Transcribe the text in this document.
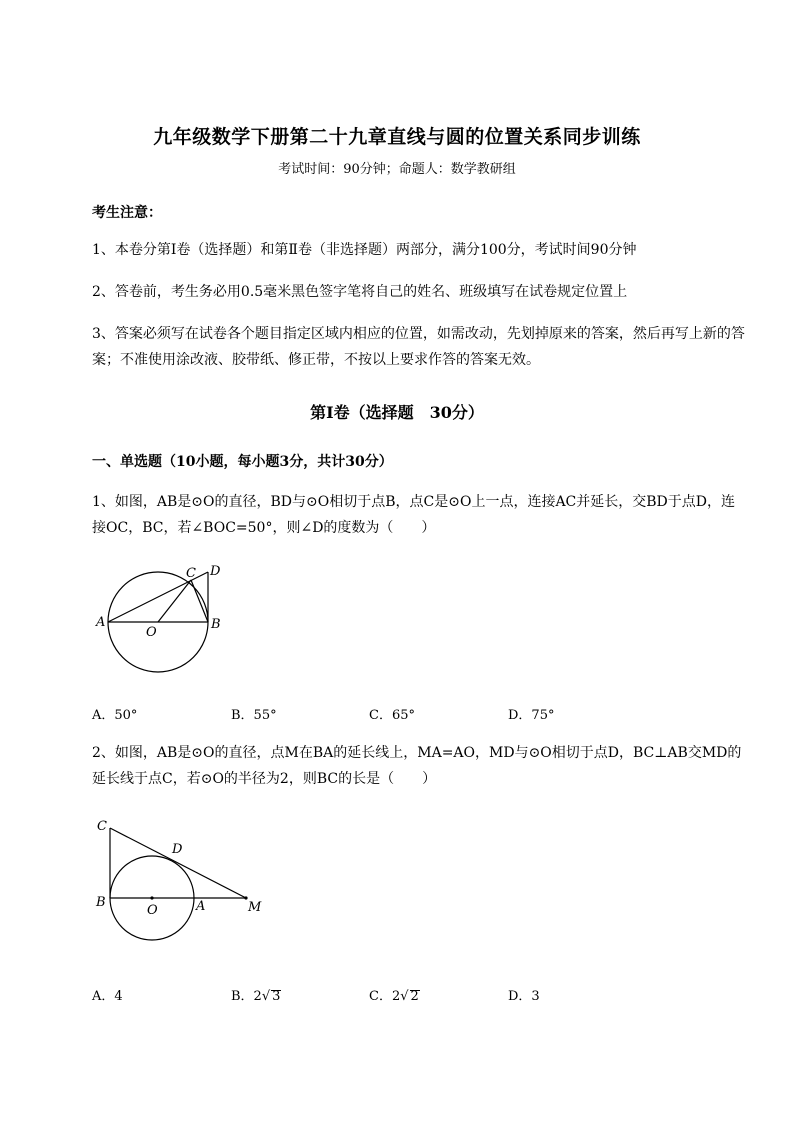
九年级数学下册第二十九章直线与圆的位置关系同步训练
考试时间：90分钟；命题人：数学教研组
考生注意：
1、本卷分第Ⅰ卷（选择题）和第Ⅱ卷（非选择题）两部分，满分100分，考试时间90分钟
2、答卷前，考生务必用0.5毫米黑色签字笔将自己的姓名、班级填写在试卷规定位置上
3、答案必须写在试卷各个题目指定区域内相应的位置，如需改动，先划掉原来的答案，然后再写上新的答案；不准使用涂改液、胶带纸、修正带，不按以上要求作答的答案无效。
第Ⅰ卷（选择题　30分）
一、单选题（10小题，每小题3分，共计30分）
1、如图，AB是⊙O的直径，BD与⊙O相切于点B，点C是⊙O上一点，连接AC并延长，交BD于点D，连接OC，BC，若∠BOC=50°，则∠D的度数为（　　）
A	B
C D
O
A．50°	B．55°	C．65°	D．75°
2、如图，AB是⊙O的直径，点M在BA的延长线上，MA=AO，MD与⊙O相切于点D，BC⊥AB交MD的延长线于点C，若⊙O的半径为2，则BC的长是（　　）
C
D
B
O	A	M
A．4	B．2√ 3	C．2√ 2	D．3
